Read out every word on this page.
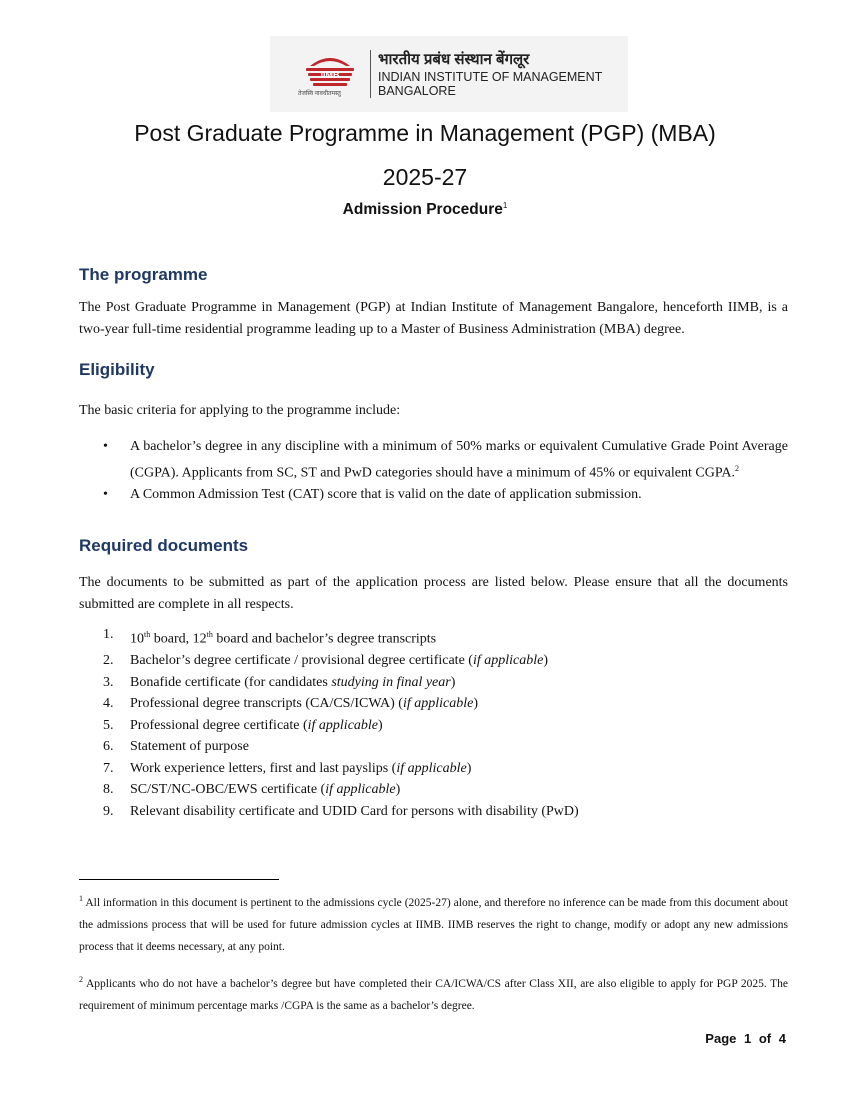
IIMB
तेजस्वि नावधीतमस्तु
भारतीय प्रबंध संस्थान बेंगलूर
INDIAN INSTITUTE OF MANAGEMENT
BANGALORE
Post Graduate Programme in Management (PGP) (MBA)
2025-27
Admission Procedure$^1$
The programme
The Post Graduate Programme in Management (PGP) at Indian Institute of Management Bangalore, henceforth IIMB, is a two-year full-time residential programme leading up to a Master of Business Administration (MBA) degree.
Eligibility
The basic criteria for applying to the programme include:
• A bachelor’s degree in any discipline with a minimum of 50% marks or equivalent Cumulative Grade Point Average (CGPA). Applicants from SC, ST and PwD categories should have a minimum of 45% or equivalent CGPA.$^2$
• A Common Admission Test (CAT) score that is valid on the date of application submission.
Required documents
The documents to be submitted as part of the application process are listed below. Please ensure that all the documents submitted are complete in all respects.
1. 10th board, 12th board and bachelor’s degree transcripts
2. Bachelor’s degree certificate / provisional degree certificate (if applicable)
3. Bonafide certificate (for candidates studying in final year)
4. Professional degree transcripts (CA/CS/ICWA) (if applicable)
5. Professional degree certificate (if applicable)
6. Statement of purpose
7. Work experience letters, first and last payslips (if applicable)
8. SC/ST/NC-OBC/EWS certificate (if applicable)
9. Relevant disability certificate and UDID Card for persons with disability (PwD)
$^1$ All information in this document is pertinent to the admissions cycle (2025-27) alone, and therefore no inference can be made from this document about the admissions process that will be used for future admission cycles at IIMB. IIMB reserves the right to change, modify or adopt any new admissions process that it deems necessary, at any point.
$^2$ Applicants who do not have a bachelor’s degree but have completed their CA/ICWA/CS after Class XII, are also eligible to apply for PGP 2025. The requirement of minimum percentage marks /CGPA is the same as a bachelor’s degree.
Page 1 of 4
